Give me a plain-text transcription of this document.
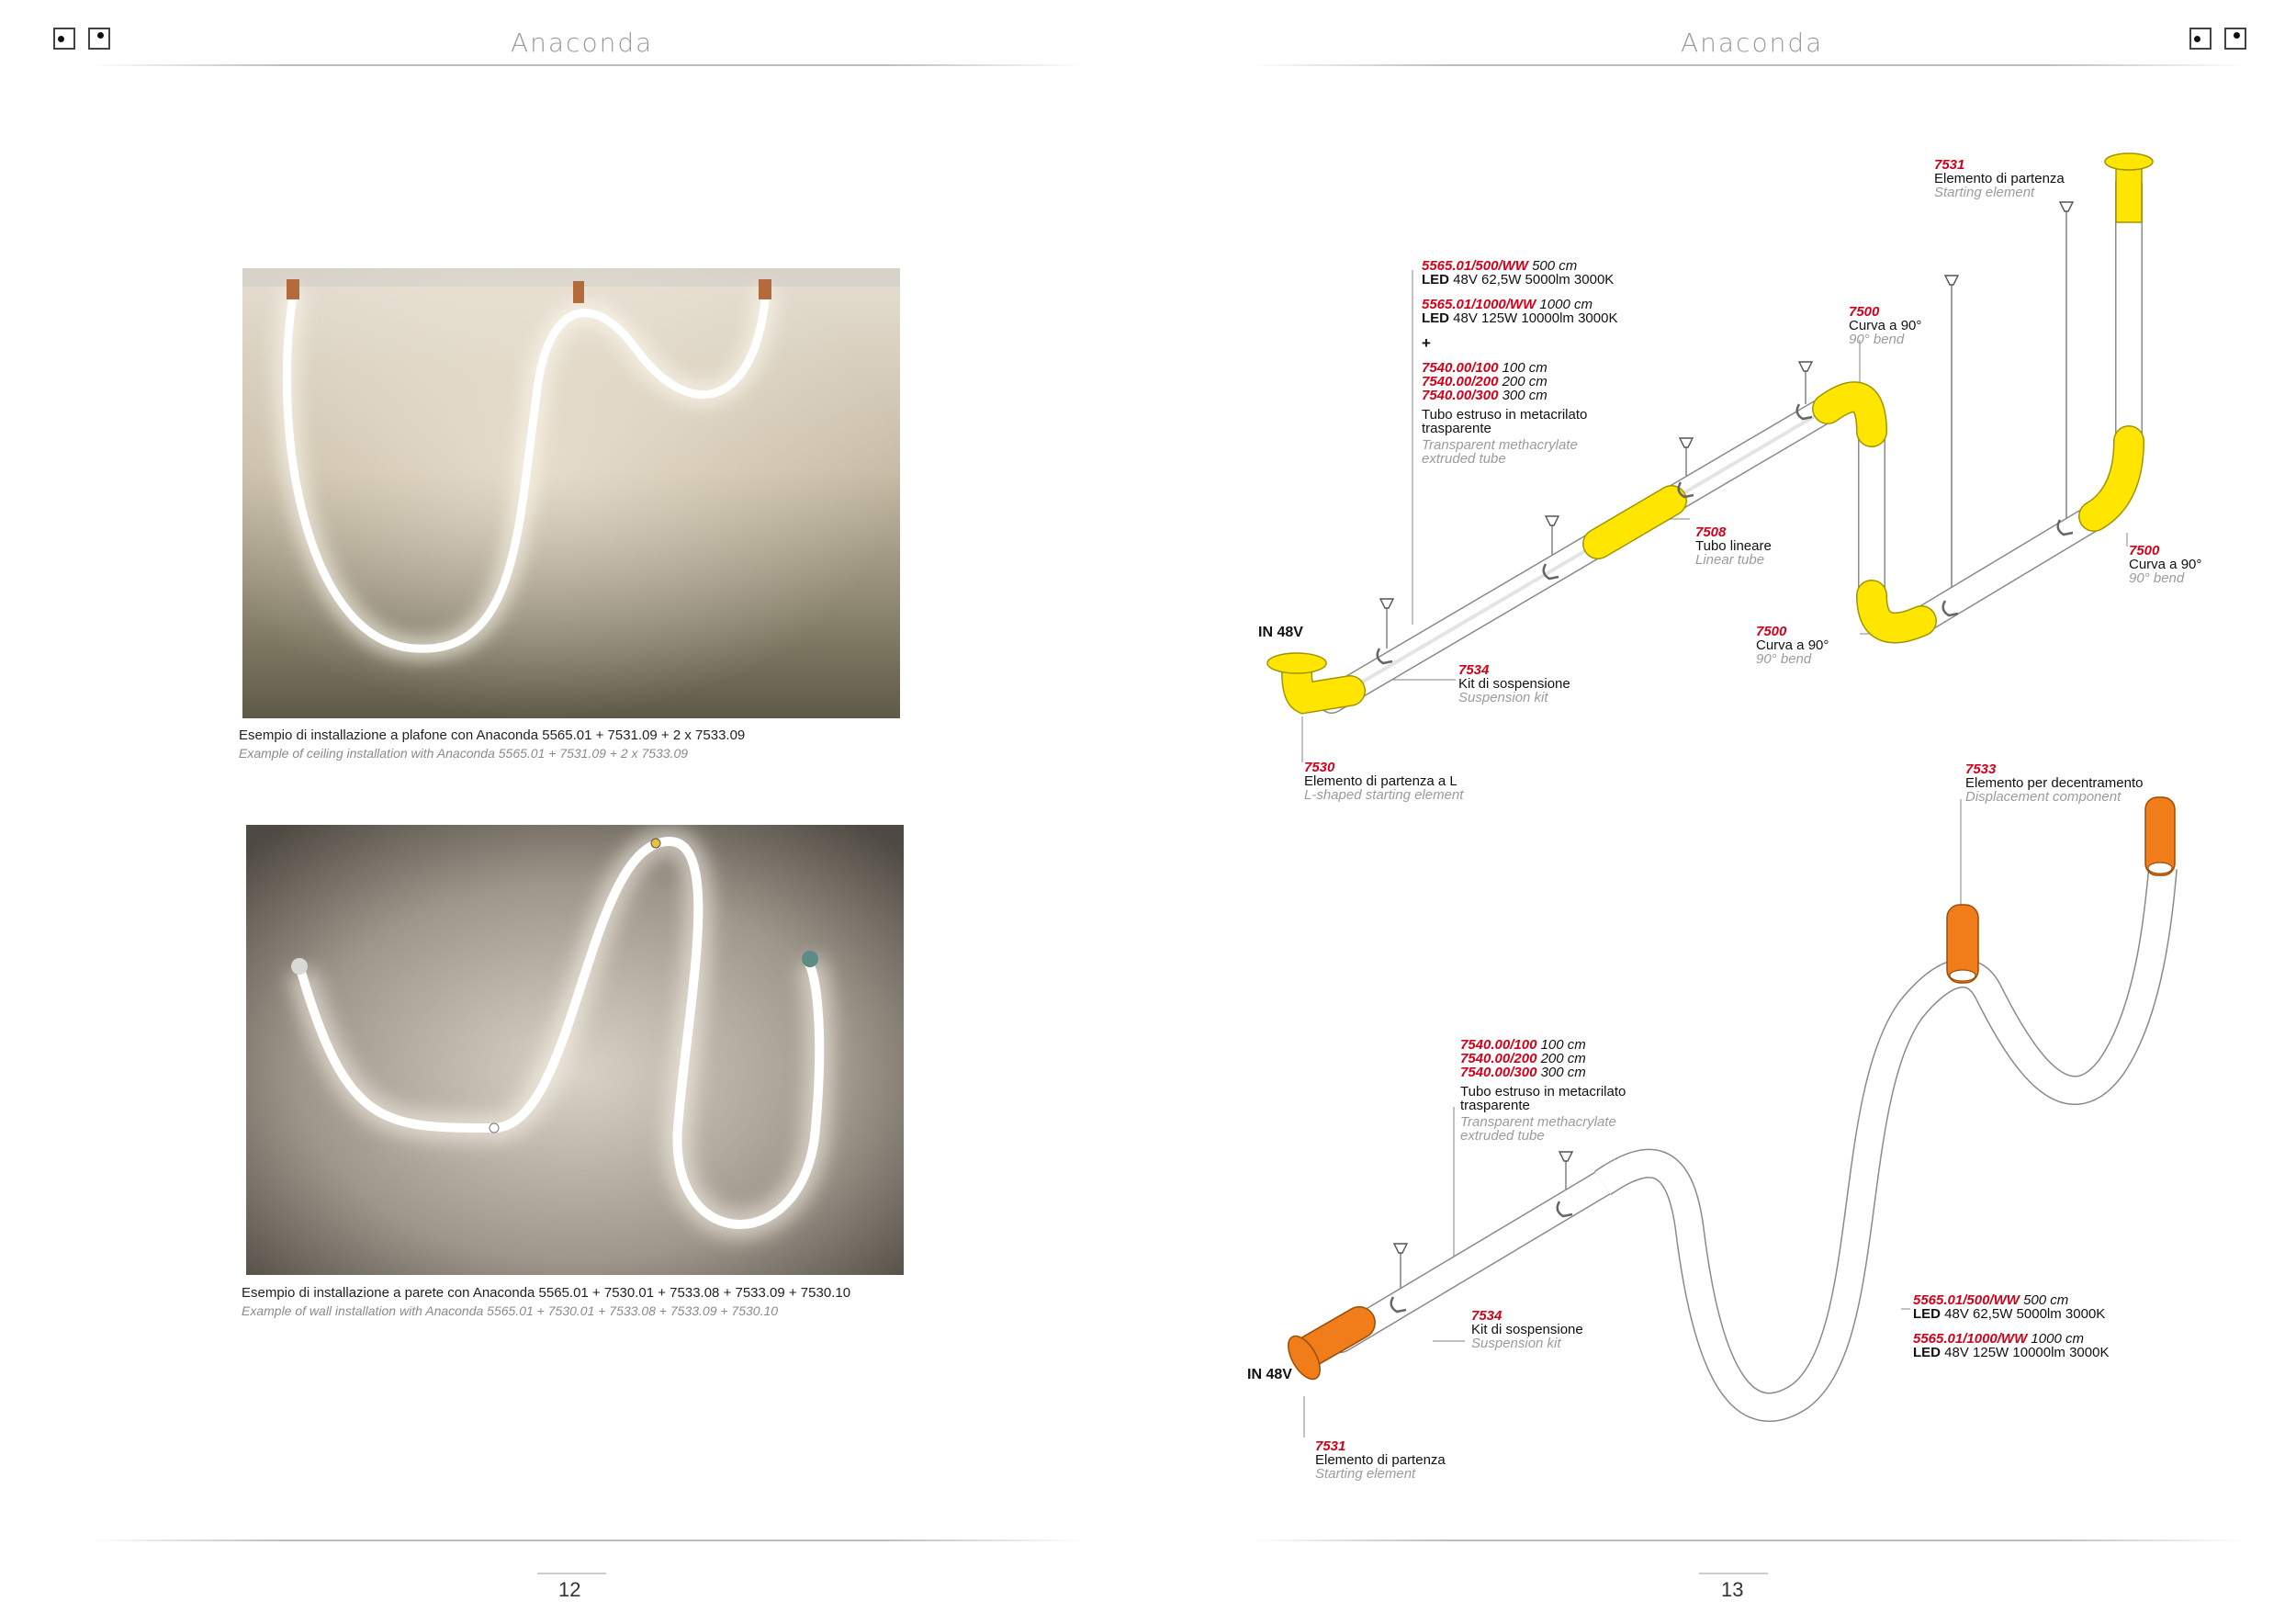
Anaconda	Anaconda
Esempio di installazione a plafone con Anaconda 5565.01 + 7531.09 + 2 x 7533.09
Example of ceiling installation with Anaconda 5565.01 + 7531.09 + 2 x 7533.09
Esempio di installazione a parete con Anaconda 5565.01 + 7530.01 + 7533.08 + 7533.09 + 7530.10
Example of wall installation with Anaconda 5565.01 + 7530.01 + 7533.08 + 7533.09 + 7530.10
12
5565.01/500/WW 500 cm
LED 48V 62,5W 5000lm 3000K
5565.01/1000/WW 1000 cm
LED 48V 125W 10000lm 3000K
+
7540.00/100 100 cm
7540.00/200 200 cm
7540.00/300 300 cm
Tubo estruso in metacrilato
trasparente
Transparent methacrylate
extruded tube
IN 48V
7530
Elemento di partenza a L
L-shaped starting element
7534
Kit di sospensione
Suspension kit
7508
Tubo lineare
Linear tube
7500
Curva a 90°
90° bend
7500
Curva a 90°
90° bend
7500
Curva a 90°
90° bend
7531
Elemento di partenza
Starting element
7533
Elemento per decentramento
Displacement component
7540.00/100 100 cm
7540.00/200 200 cm
7540.00/300 300 cm
Tubo estruso in metacrilato
trasparente
Transparent methacrylate
extruded tube
7534
Kit di sospensione
Suspension kit
IN 48V
7531
Elemento di partenza
Starting element
5565.01/500/WW 500 cm
LED 48V 62,5W 5000lm 3000K
5565.01/1000/WW 1000 cm
LED 48V 125W 10000lm 3000K
13
